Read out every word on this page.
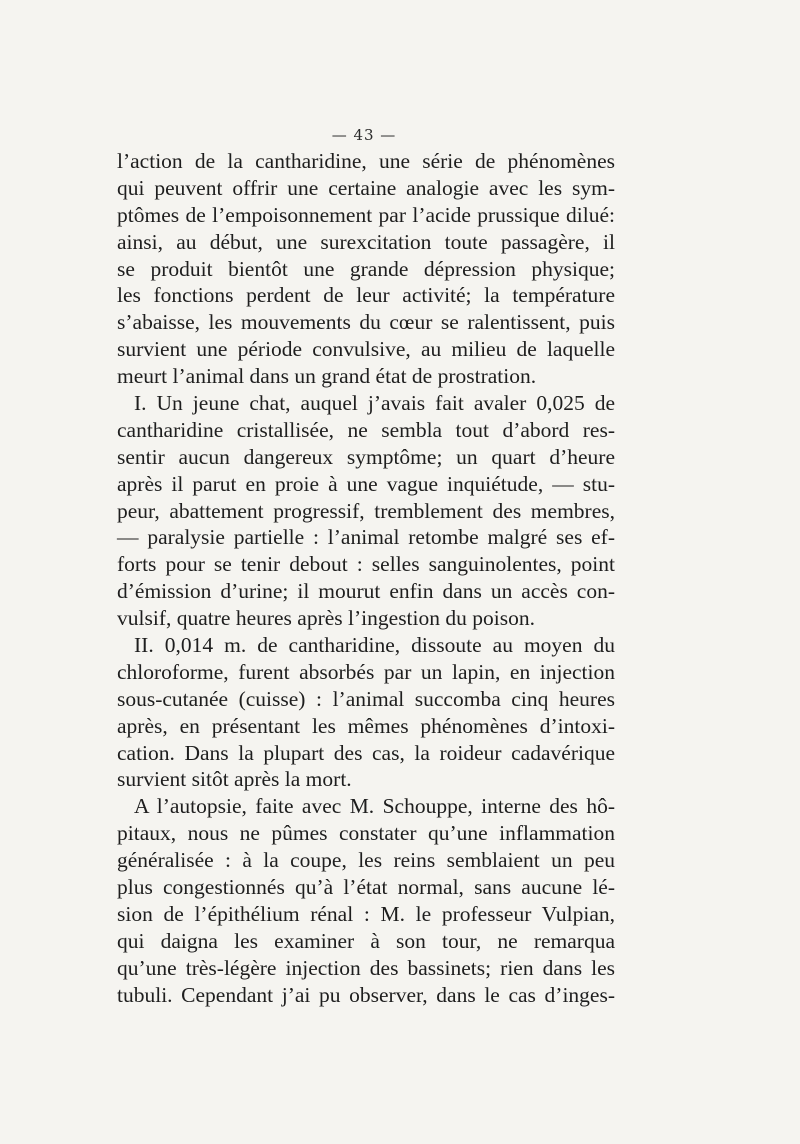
— 43 —
l’action de la cantharidine, une série de phénomènes
qui peuvent offrir une certaine analogie avec les sym-
ptômes de l’empoisonnement par l’acide prussique dilué:
ainsi, au début, une surexcitation toute passagère, il
se produit bientôt une grande dépression physique;
les fonctions perdent de leur activité; la température
s’abaisse, les mouvements du cœur se ralentissent, puis
survient une période convulsive, au milieu de laquelle
meurt l’animal dans un grand état de prostration.
I. Un jeune chat, auquel j’avais fait avaler 0,025 de
cantharidine cristallisée, ne sembla tout d’abord res-
sentir aucun dangereux symptôme; un quart d’heure
après il parut en proie à une vague inquiétude, — stu-
peur, abattement progressif, tremblement des membres,
— paralysie partielle : l’animal retombe malgré ses ef-
forts pour se tenir debout : selles sanguinolentes, point
d’émission d’urine; il mourut enfin dans un accès con-
vulsif, quatre heures après l’ingestion du poison.
II. 0,014 m. de cantharidine, dissoute au moyen du
chloroforme, furent absorbés par un lapin, en injection
sous-cutanée (cuisse) : l’animal succomba cinq heures
après, en présentant les mêmes phénomènes d’intoxi-
cation. Dans la plupart des cas, la roideur cadavérique
survient sitôt après la mort.
A l’autopsie, faite avec M. Schouppe, interne des hô-
pitaux, nous ne pûmes constater qu’une inflammation
généralisée : à la coupe, les reins semblaient un peu
plus congestionnés qu’à l’état normal, sans aucune lé-
sion de l’épithélium rénal : M. le professeur Vulpian,
qui daigna les examiner à son tour, ne remarqua
qu’une très-légère injection des bassinets; rien dans les
tubuli. Cependant j’ai pu observer, dans le cas d’inges-
